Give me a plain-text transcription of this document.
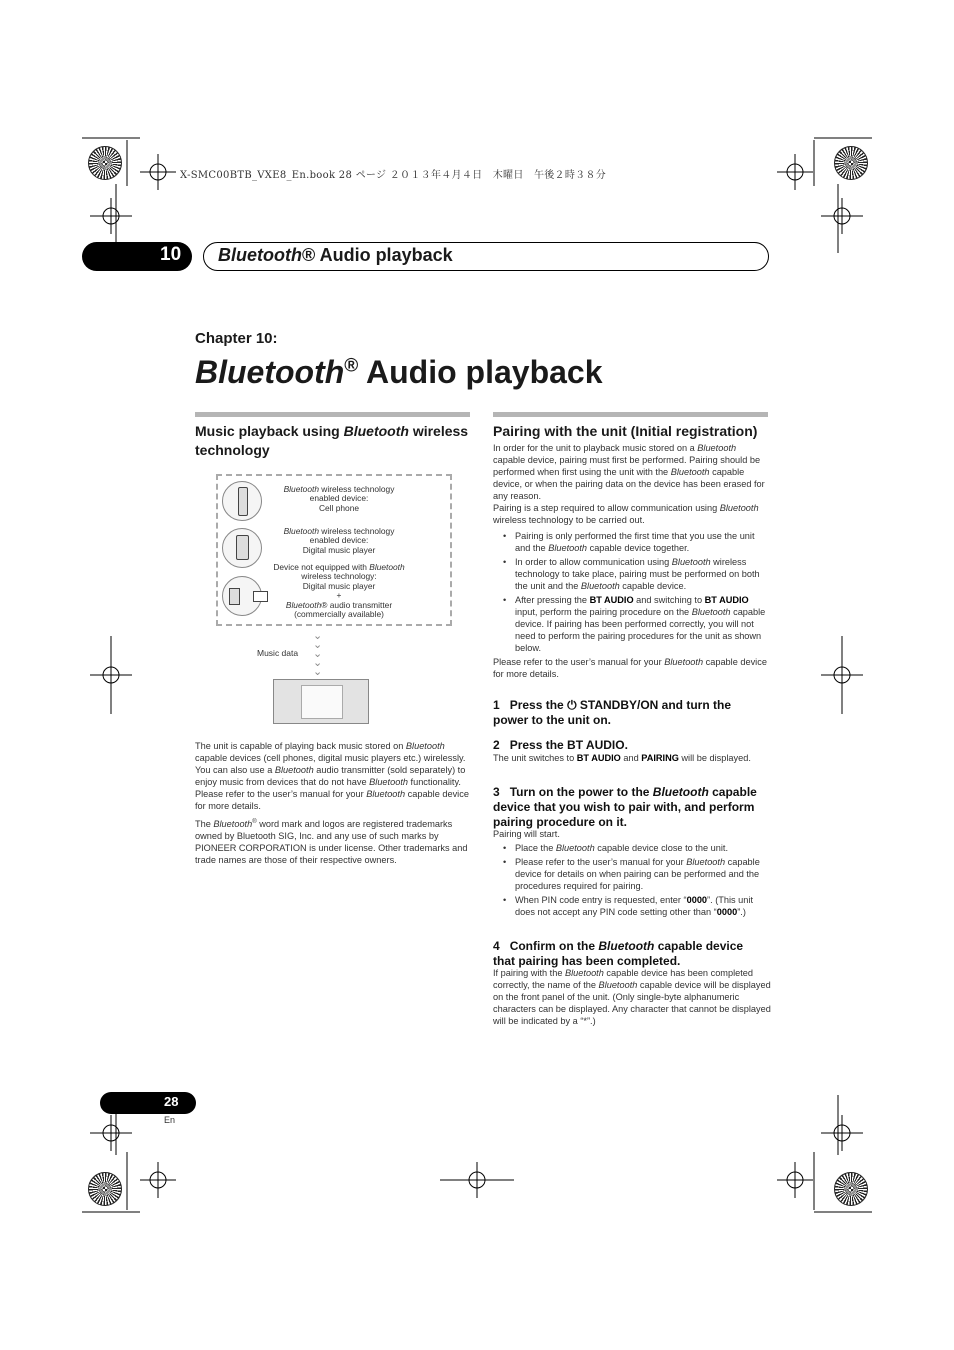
X-SMC00BTB_VXE8_En.book 28 ページ ２０１３年４月４日　木曜日　午後２時３８分
10 Bluetooth® Audio playback
Chapter 10:
Bluetooth® Audio playback
Music playback using Bluetooth wireless technology
Bluetooth wireless technology
enabled device:
Cell phone
Bluetooth wireless technology
enabled device:
Digital music player
Device not equipped with Bluetooth
wireless technology:
Digital music player
+
Bluetooth® audio transmitter
(commercially available)
⌄
⌄
⌄
⌄
⌄
Music data

The unit is capable of playing back music stored on Bluetooth capable devices (cell phones, digital music players etc.) wirelessly. You can also use a Bluetooth audio transmitter (sold separately) to enjoy music from devices that do not have Bluetooth functionality. Please refer to the user’s manual for your Bluetooth capable device for more details.

The Bluetooth® word mark and logos are registered trademarks owned by Bluetooth SIG, Inc. and any use of such marks by PIONEER CORPORATION is under license. Other trademarks and trade names are those of their respective owners.

Pairing with the unit (Initial registration)

In order for the unit to playback music stored on a Bluetooth capable device, pairing must first be performed. Pairing should be performed when first using the unit with the Bluetooth capable device, or when the pairing data on the device has been erased for any reason.

Pairing is a step required to allow communication using Bluetooth wireless technology to be carried out.

• Pairing is only performed the first time that you use the unit and the Bluetooth capable device together.
• In order to allow communication using Bluetooth wireless technology to take place, pairing must be performed on both the unit and the Bluetooth capable device.
• After pressing the BT AUDIO and switching to BT AUDIO input, perform the pairing procedure on the Bluetooth capable device. If pairing has been performed correctly, you will not need to perform the pairing procedures for the unit as shown below.

Please refer to the user’s manual for your Bluetooth capable device for more details.

1 Press the ⏻ STANDBY/ON and turn the power to the unit on.
2 Press the BT AUDIO.
The unit switches to BT AUDIO and PAIRING will be displayed.
3 Turn on the power to the Bluetooth capable device that you wish to pair with, and perform pairing procedure on it.

Pairing will start.

• Place the Bluetooth capable device close to the unit.
• Please refer to the user’s manual for your Bluetooth capable device for details on when pairing can be performed and the procedures required for pairing.
• When PIN code entry is requested, enter “0000”. (This unit does not accept any PIN code setting other than “0000”.)
4 Confirm on the Bluetooth capable device that pairing has been completed.
If pairing with the Bluetooth capable device has been completed correctly, the name of the Bluetooth capable device will be displayed on the front panel of the unit. (Only single-byte alphanumeric characters can be displayed. Any character that cannot be displayed will be indicated by a “*”.)
28
En
